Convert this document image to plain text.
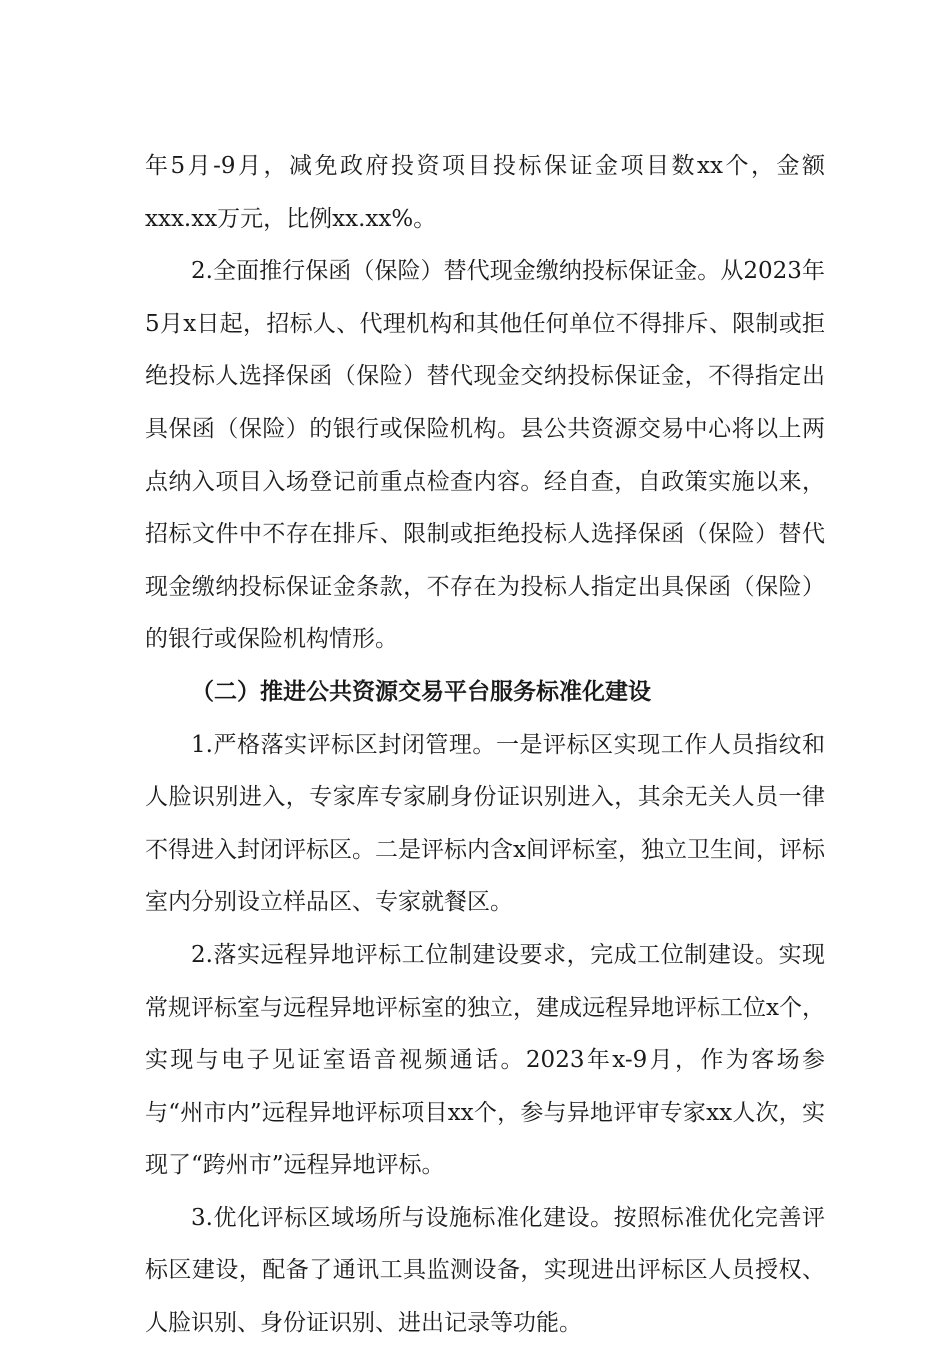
年5月-9月，减免政府投资项目投标保证金项目数xx个，金额xxx.xx万元，比例xx.xx%。

2.全面推行保函（保险）替代现金缴纳投标保证金。从2023年5月x日起，招标人、代理机构和其他任何单位不得排斥、限制或拒绝投标人选择保函（保险）替代现金交纳投标保证金，不得指定出具保函（保险）的银行或保险机构。县公共资源交易中心将以上两点纳入项目入场登记前重点检查内容。经自查，自政策实施以来，招标文件中不存在排斥、限制或拒绝投标人选择保函（保险）替代现金缴纳投标保证金条款，不存在为投标人指定出具保函（保险）的银行或保险机构情形。

（二）推进公共资源交易平台服务标准化建设

1.严格落实评标区封闭管理。一是评标区实现工作人员指纹和人脸识别进入，专家库专家刷身份证识别进入，其余无关人员一律不得进入封闭评标区。二是评标内含x间评标室，独立卫生间，评标室内分别设立样品区、专家就餐区。

2.落实远程异地评标工位制建设要求，完成工位制建设。实现常规评标室与远程异地评标室的独立，建成远程异地评标工位x个，实现与电子见证室语音视频通话。2023年x-9月，作为客场参与“州市内”远程异地评标项目xx个，参与异地评审专家xx人次，实现了“跨州市”远程异地评标。

3.优化评标区域场所与设施标准化建设。按照标准优化完善评标区建设，配备了通讯工具监测设备，实现进出评标区人员授权、人脸识别、身份证识别、进出记录等功能。
